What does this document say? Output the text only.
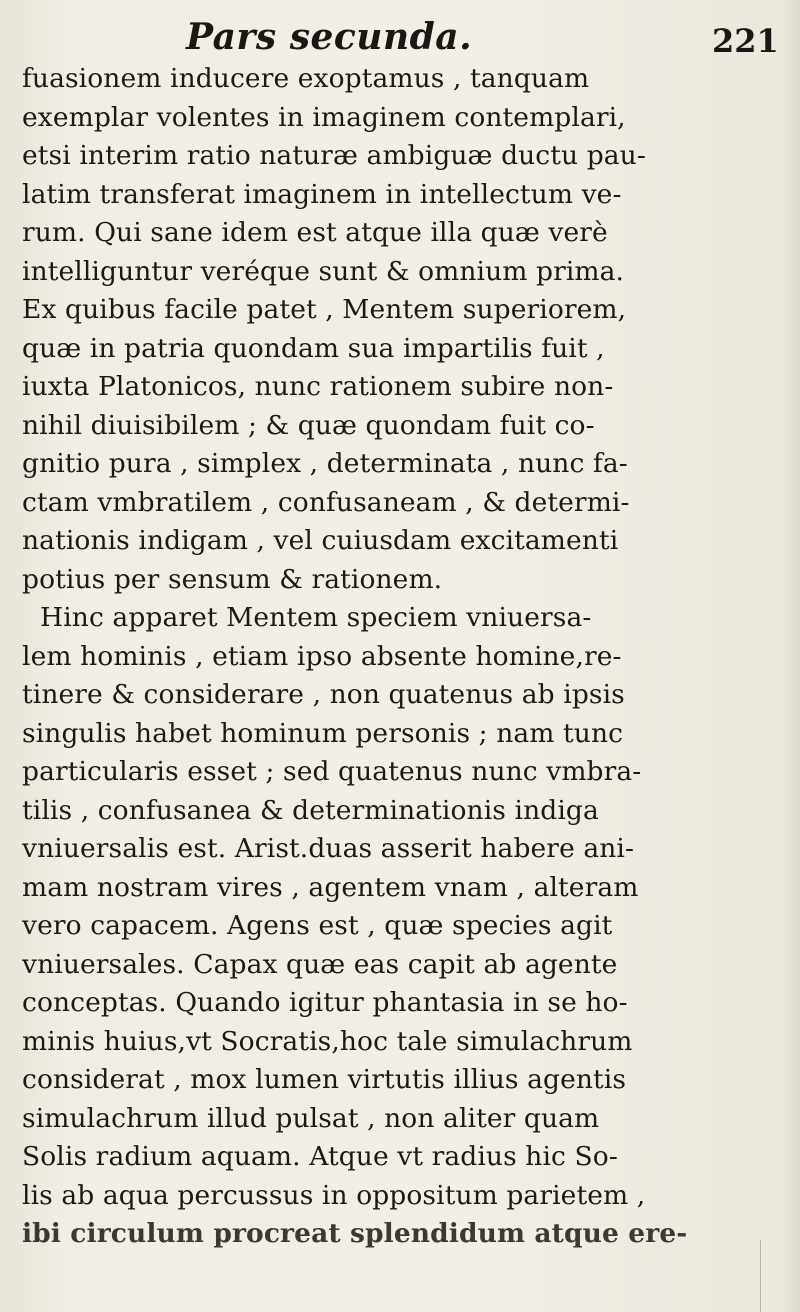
Pars secunda.	221
fuasionem inducere exoptamus , tanquam
exemplar volentes in imaginem contemplari,
etsi interim ratio naturæ ambiguæ ductu pau-
latim transferat imaginem in intellectum ve-
rum. Qui sane idem est atque illa quæ verè
intelliguntur veréque sunt & omnium prima.
Ex quibus facile patet , Mentem superiorem,
quæ in patria quondam sua impartilis fuit ,
iuxta Platonicos, nunc rationem subire non-
nihil diuisibilem ; & quæ quondam fuit co-
gnitio pura , simplex , determinata , nunc fa-
ctam vmbratilem , confusaneam , & determi-
nationis indigam , vel cuiusdam excitamenti
potius per sensum & rationem.
Hinc apparet Mentem speciem vniuersa-
lem hominis , etiam ipso absente homine,re-
tinere & considerare , non quatenus ab ipsis
singulis habet hominum personis ; nam tunc
particularis esset ; sed quatenus nunc vmbra-
tilis , confusanea & determinationis indiga
vniuersalis est. Arist.duas asserit habere ani-
mam nostram vires , agentem vnam , alteram
vero capacem. Agens est , quæ species agit
vniuersales. Capax quæ eas capit ab agente
conceptas. Quando igitur phantasia in se ho-
minis huius,vt Socratis,hoc tale simulachrum
considerat , mox lumen virtutis illius agentis
simulachrum illud pulsat , non aliter quam
Solis radium aquam. Atque vt radius hic So-
lis ab aqua percussus in oppositum parietem ,
ibi circulum procreat splendidum atque ere-
